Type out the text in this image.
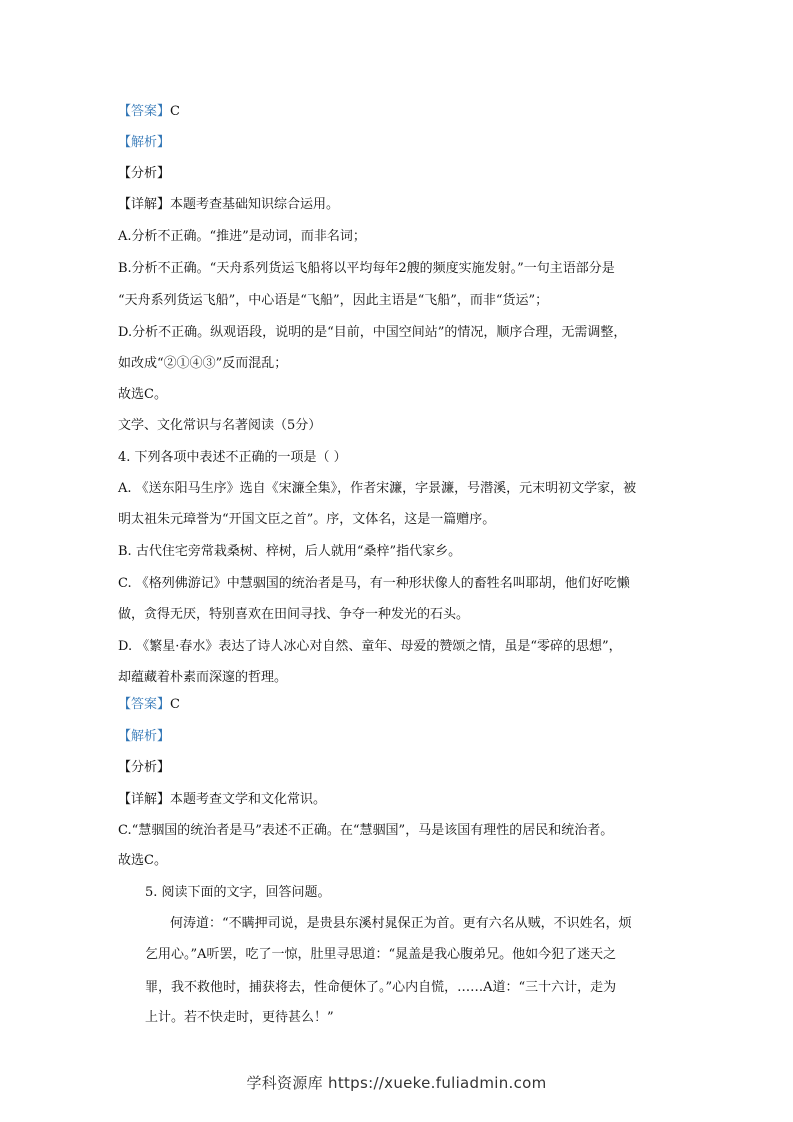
【答案】C
【解析】
【分析】
【详解】本题考查基础知识综合运用。
A.分析不正确。“推进”是动词，而非名词；
B.分析不正确。“天舟系列货运飞船将以平均每年2艘的频度实施发射。”一句主语部分是
“天舟系列货运飞船”，中心语是“飞船”，因此主语是“飞船”，而非“货运”；
D.分析不正确。纵观语段，说明的是“目前，中国空间站”的情况，顺序合理，无需调整，
如改成“②①④③”反而混乱；
故选C。
文学、文化常识与名著阅读（5分）
4. 下列各项中表述不正确的一项是（ ）
A. 《送东阳马生序》选自《宋濂全集》，作者宋濂，字景濂，号潜溪，元末明初文学家，被
明太祖朱元璋誉为“开国文臣之首”。序，文体名，这是一篇赠序。
B. 古代住宅旁常栽桑树、梓树，后人就用“桑梓”指代家乡。
C. 《格列佛游记》中慧骃国的统治者是马，有一种形状像人的畜牲名叫耶胡，他们好吃懒
做，贪得无厌，特别喜欢在田间寻找、争夺一种发光的石头。
D. 《繁星·春水》表达了诗人冰心对自然、童年、母爱的赞颂之情，虽是“零碎的思想”，
却蕴藏着朴素而深邃的哲理。
【答案】C
【解析】
【分析】
【详解】本题考查文学和文化常识。
C.“慧骃国的统治者是马”表述不正确。在“慧骃国”，马是该国有理性的居民和统治者。
故选C。
5. 阅读下面的文字，回答问题。
何涛道：“不瞒押司说，是贵县东溪村晁保正为首。更有六名从贼，不识姓名，烦
乞用心。”A听罢，吃了一惊，肚里寻思道：“晁盖是我心腹弟兄。他如今犯了迷天之
罪，我不救他时，捕获将去，性命便休了。”心内自慌，……A道：“三十六计，走为
上计。若不快走时，更待甚么！”
学科资源库 https://xueke.fuliadmin.com
